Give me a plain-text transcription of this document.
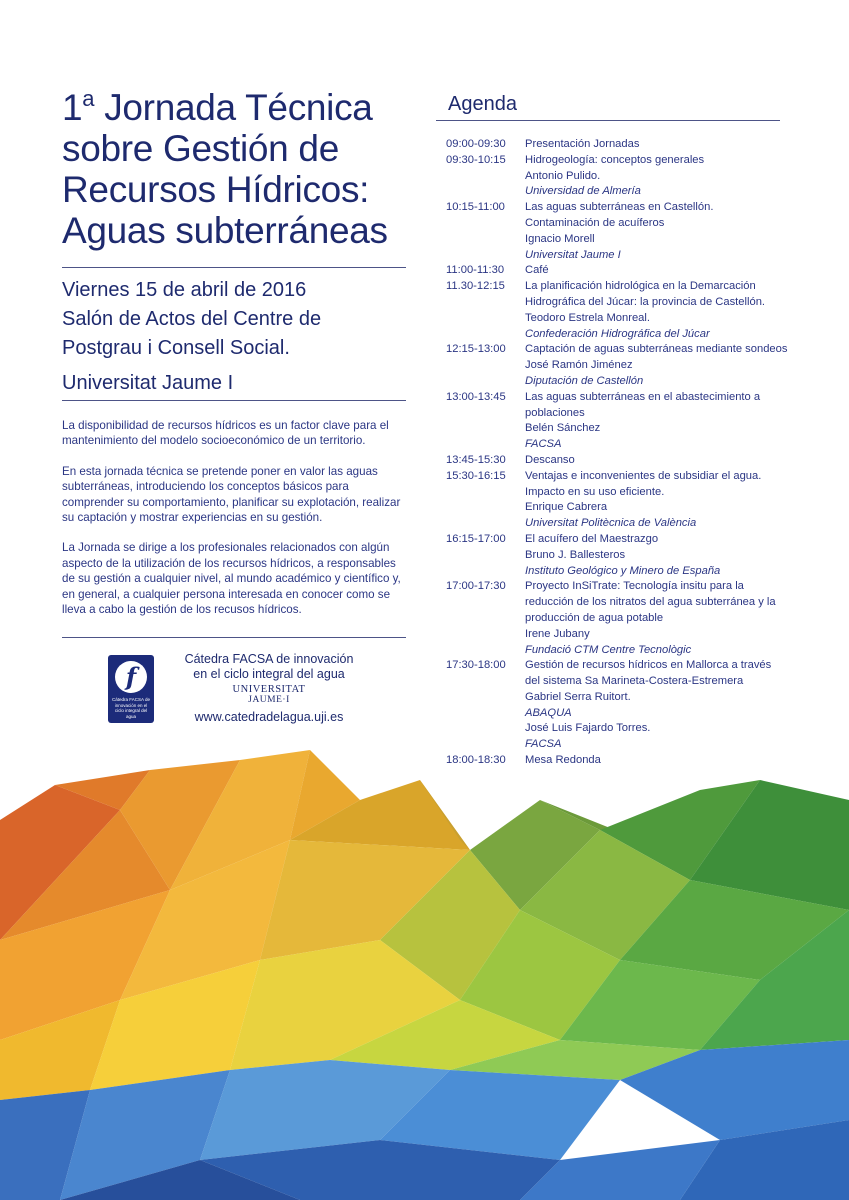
1$^a$ Jornada Técnica
sobre Gestión de
Recursos Hídricos:
Aguas subterráneas
Viernes 15 de abril de 2016
Salón de Actos del Centre de
Postgrau i Consell Social.
Universitat Jaume I

La disponibilidad de recursos hídricos es un factor clave para el mantenimiento del modelo socioeconómico de un territorio.

En esta jornada técnica se pretende poner en valor las aguas subterráneas, introduciendo los conceptos básicos para comprender su comportamiento, planificar su explotación, realizar su captación y mostrar experiencias en su gestión.

La Jornada se dirige a los profesionales relacionados con algún aspecto de la utilización de los recursos hídricos, a responsables de su gestión a cualquier nivel, al mundo académico y científico y, en general, a cualquier persona interesada en conocer como se lleva a cabo la gestión de los recusos hídricos.

f
Cátedra FACSA de innovación en el ciclo integral del agua
Cátedra FACSA de innovación
en el ciclo integral del agua
UNIVERSITAT
JAUME·I
www.catedradelagua.uji.es
Agenda
09:00-09:30	Presentación Jornadas
09:30-10:15	Hidrogeología: conceptos generales
Antonio Pulido.
Universidad de Almería
10:15-11:00	Las aguas subterráneas en Castellón.
Contaminación de acuíferos
Ignacio Morell
Universitat Jaume I
11:00-11:30	Café
11.30-12:15	La planificación hidrológica en la Demarcación
Hidrográfica del Júcar: la provincia de Castellón.
Teodoro Estrela Monreal.
Confederación Hidrográfica del Júcar
12:15-13:00	Captación de aguas subterráneas mediante sondeos
José Ramón Jiménez
Diputación de Castellón
13:00-13:45	Las aguas subterráneas en el abastecimiento a
poblaciones
Belén Sánchez
FACSA
13:45-15:30	Descanso
15:30-16:15	Ventajas e inconvenientes de subsidiar el agua.
Impacto en su uso eficiente.
Enrique Cabrera
Universitat Politècnica de València
16:15-17:00	El acuífero del Maestrazgo
Bruno J. Ballesteros
Instituto Geológico y Minero de España
17:00-17:30	Proyecto InSiTrate: Tecnología insitu para la
reducción de los nitratos del agua subterránea y la
producción de agua potable
Irene Jubany
Fundació CTM Centre Tecnològic
17:30-18:00	Gestión de recursos hídricos en Mallorca a través
del sistema Sa Marineta-Costera-Estremera
Gabriel Serra Ruitort.
ABAQUA
José Luis Fajardo Torres.
FACSA
18:00-18:30	Mesa Redonda
